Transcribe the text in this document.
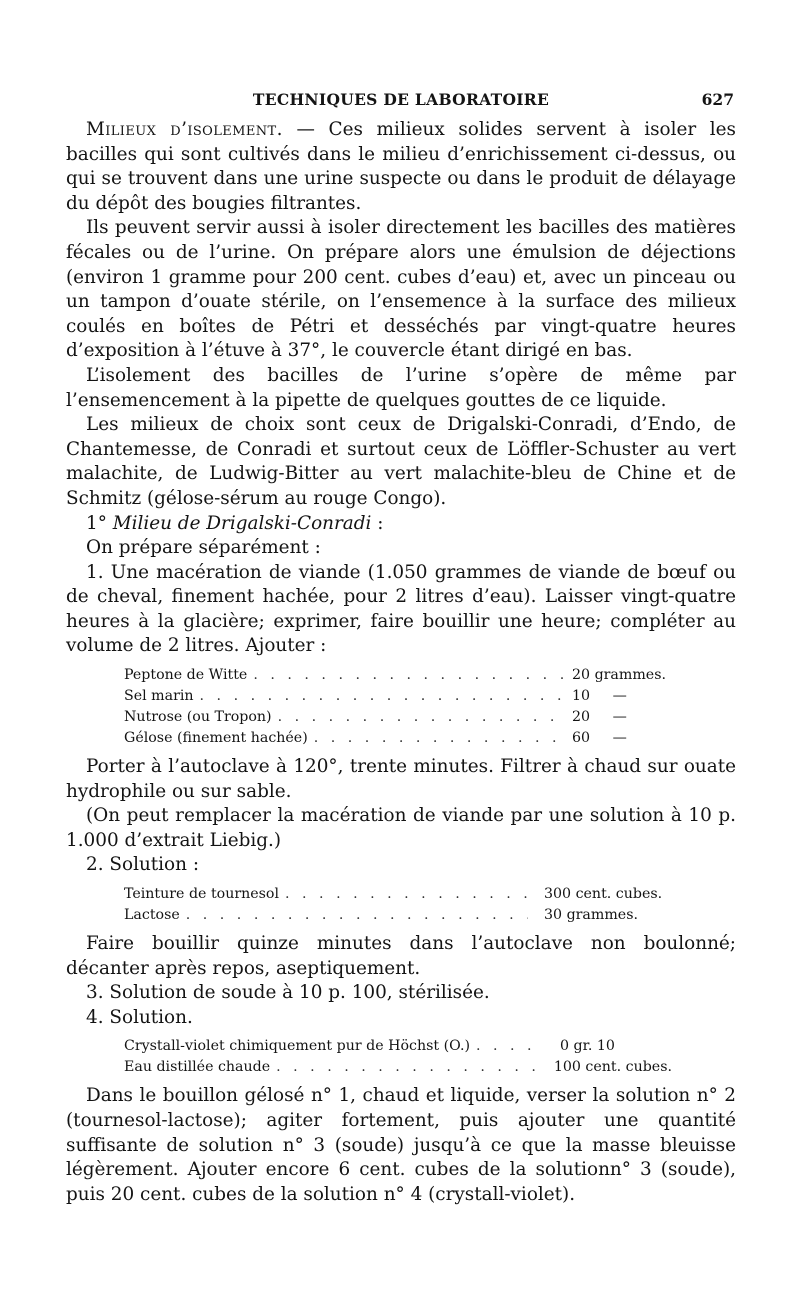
TECHNIQUES DE LABORATOIRE	627

Milieux d’isolement. — Ces milieux solides servent à isoler les bacilles qui sont cultivés dans le milieu d’enrichissement ci-dessus, ou qui se trouvent dans une urine suspecte ou dans le produit de délayage du dépôt des bougies filtrantes.

Ils peuvent servir aussi à isoler directement les bacilles des matières fécales ou de l’urine. On prépare alors une émulsion de déjections (environ 1 gramme pour 200 cent. cubes d’eau) et, avec un pinceau ou un tampon d’ouate stérile, on l’ensemence à la surface des milieux coulés en boîtes de Pétri et desséchés par vingt-quatre heures d’exposition à l’étuve à 37°, le couvercle étant dirigé en bas.

L’isolement des bacilles de l’urine s’opère de même par l’ensemencement à la pipette de quelques gouttes de ce liquide.

Les milieux de choix sont ceux de Drigalski-Conradi, d’Endo, de Chantemesse, de Conradi et surtout ceux de Löffler-Schuster au vert malachite, de Ludwig-Bitter au vert malachite-bleu de Chine et de Schmitz (gélose-sérum au rouge Congo).

1° Milieu de Drigalski-Conradi :

On prépare séparément :

1. Une macération de viande (1.050 grammes de viande de bœuf ou de cheval, finement hachée, pour 2 litres d’eau). Laisser vingt-quatre heures à la glacière; exprimer, faire bouillir une heure; compléter au volume de 2 litres. Ajouter :

Peptone de Witte . . .	20 grammes.
Sel marin . . .	10     —
Nutrose (ou Tropon) . . .	20     —
Gélose (finement hachée) . . .	60     —

Porter à l’autoclave à 120°, trente minutes. Filtrer à chaud sur ouate hydrophile ou sur sable.

(On peut remplacer la macération de viande par une solution à 10 p. 1.000 d’extrait Liebig.)

2. Solution :

Teinture de tournesol . . .	300 cent. cubes.
Lactose . . .	30 grammes.

Faire bouillir quinze minutes dans l’autoclave non boulonné; décanter après repos, aseptiquement.

3. Solution de soude à 10 p. 100, stérilisée.

4. Solution.

Crystall-violet chimiquement pur de Höchst (O.) . . .	0 gr. 10
Eau distillée chaude . . .	100 cent. cubes.

Dans le bouillon gélosé n° 1, chaud et liquide, verser la solution n° 2 (tournesol-lactose); agiter fortement, puis ajouter une quantité suffisante de solution n° 3 (soude) jusqu’à ce que la masse bleuisse légèrement. Ajouter encore 6 cent. cubes de la solutionn° 3 (soude), puis 20 cent. cubes de la solution n° 4 (crystall-violet).
